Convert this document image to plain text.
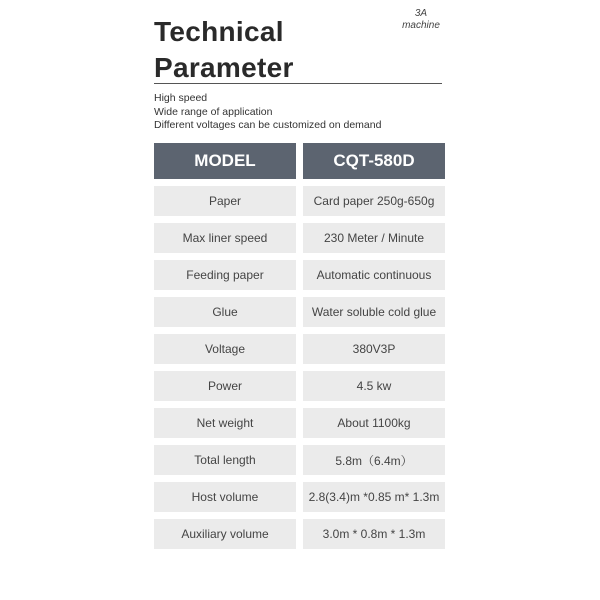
Technical
Parameter
3A
machine
High speed
Wide range of application
Different voltages can be customized on demand
MODEL	CQT-580D
Paper	Card paper 250g-650g
Max liner speed	230 Meter / Minute
Feeding paper	Automatic continuous
Glue	Water soluble cold glue
Voltage	380V3P
Power	4.5 kw
Net weight	About 1100kg
Total length	5.8m（6.4m）
Host volume	2.8(3.4)m *0.85 m* 1.3m
Auxiliary volume	3.0m * 0.8m * 1.3m
